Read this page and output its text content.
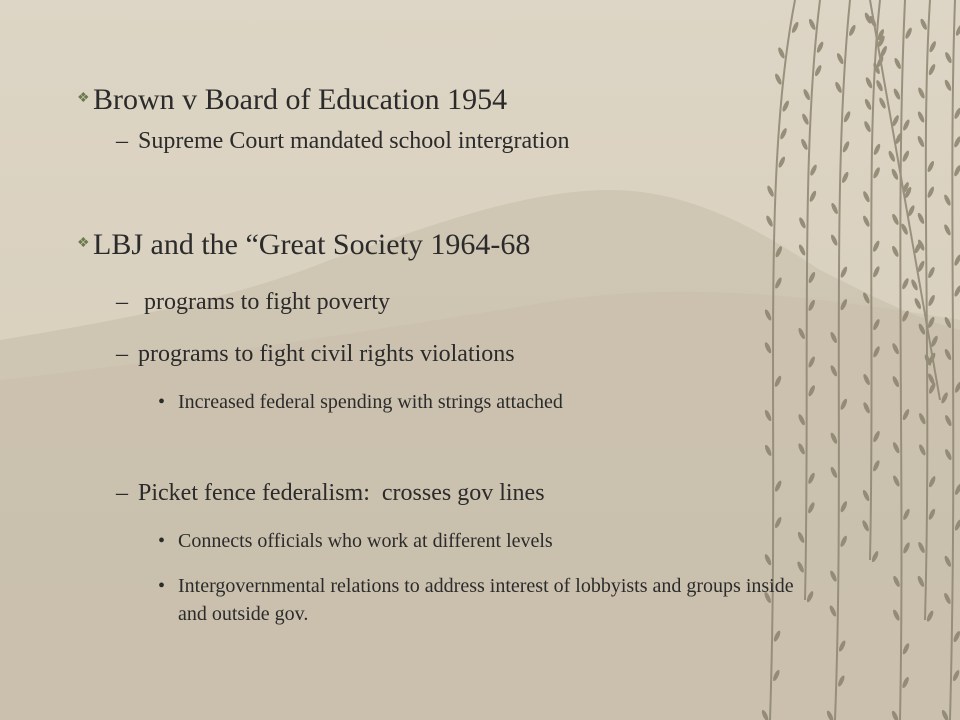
❖ Brown v Board of Education 1954
– Supreme Court mandated school intergration
❖ LBJ and the “Great Society 1964-68
– programs to fight poverty
– programs to fight civil rights violations
• Increased federal spending with strings attached
– Picket fence federalism:  crosses gov lines
• Connects officials who work at different levels
• Intergovernmental relations to address interest of lobbyists and groups inside and outside gov.
